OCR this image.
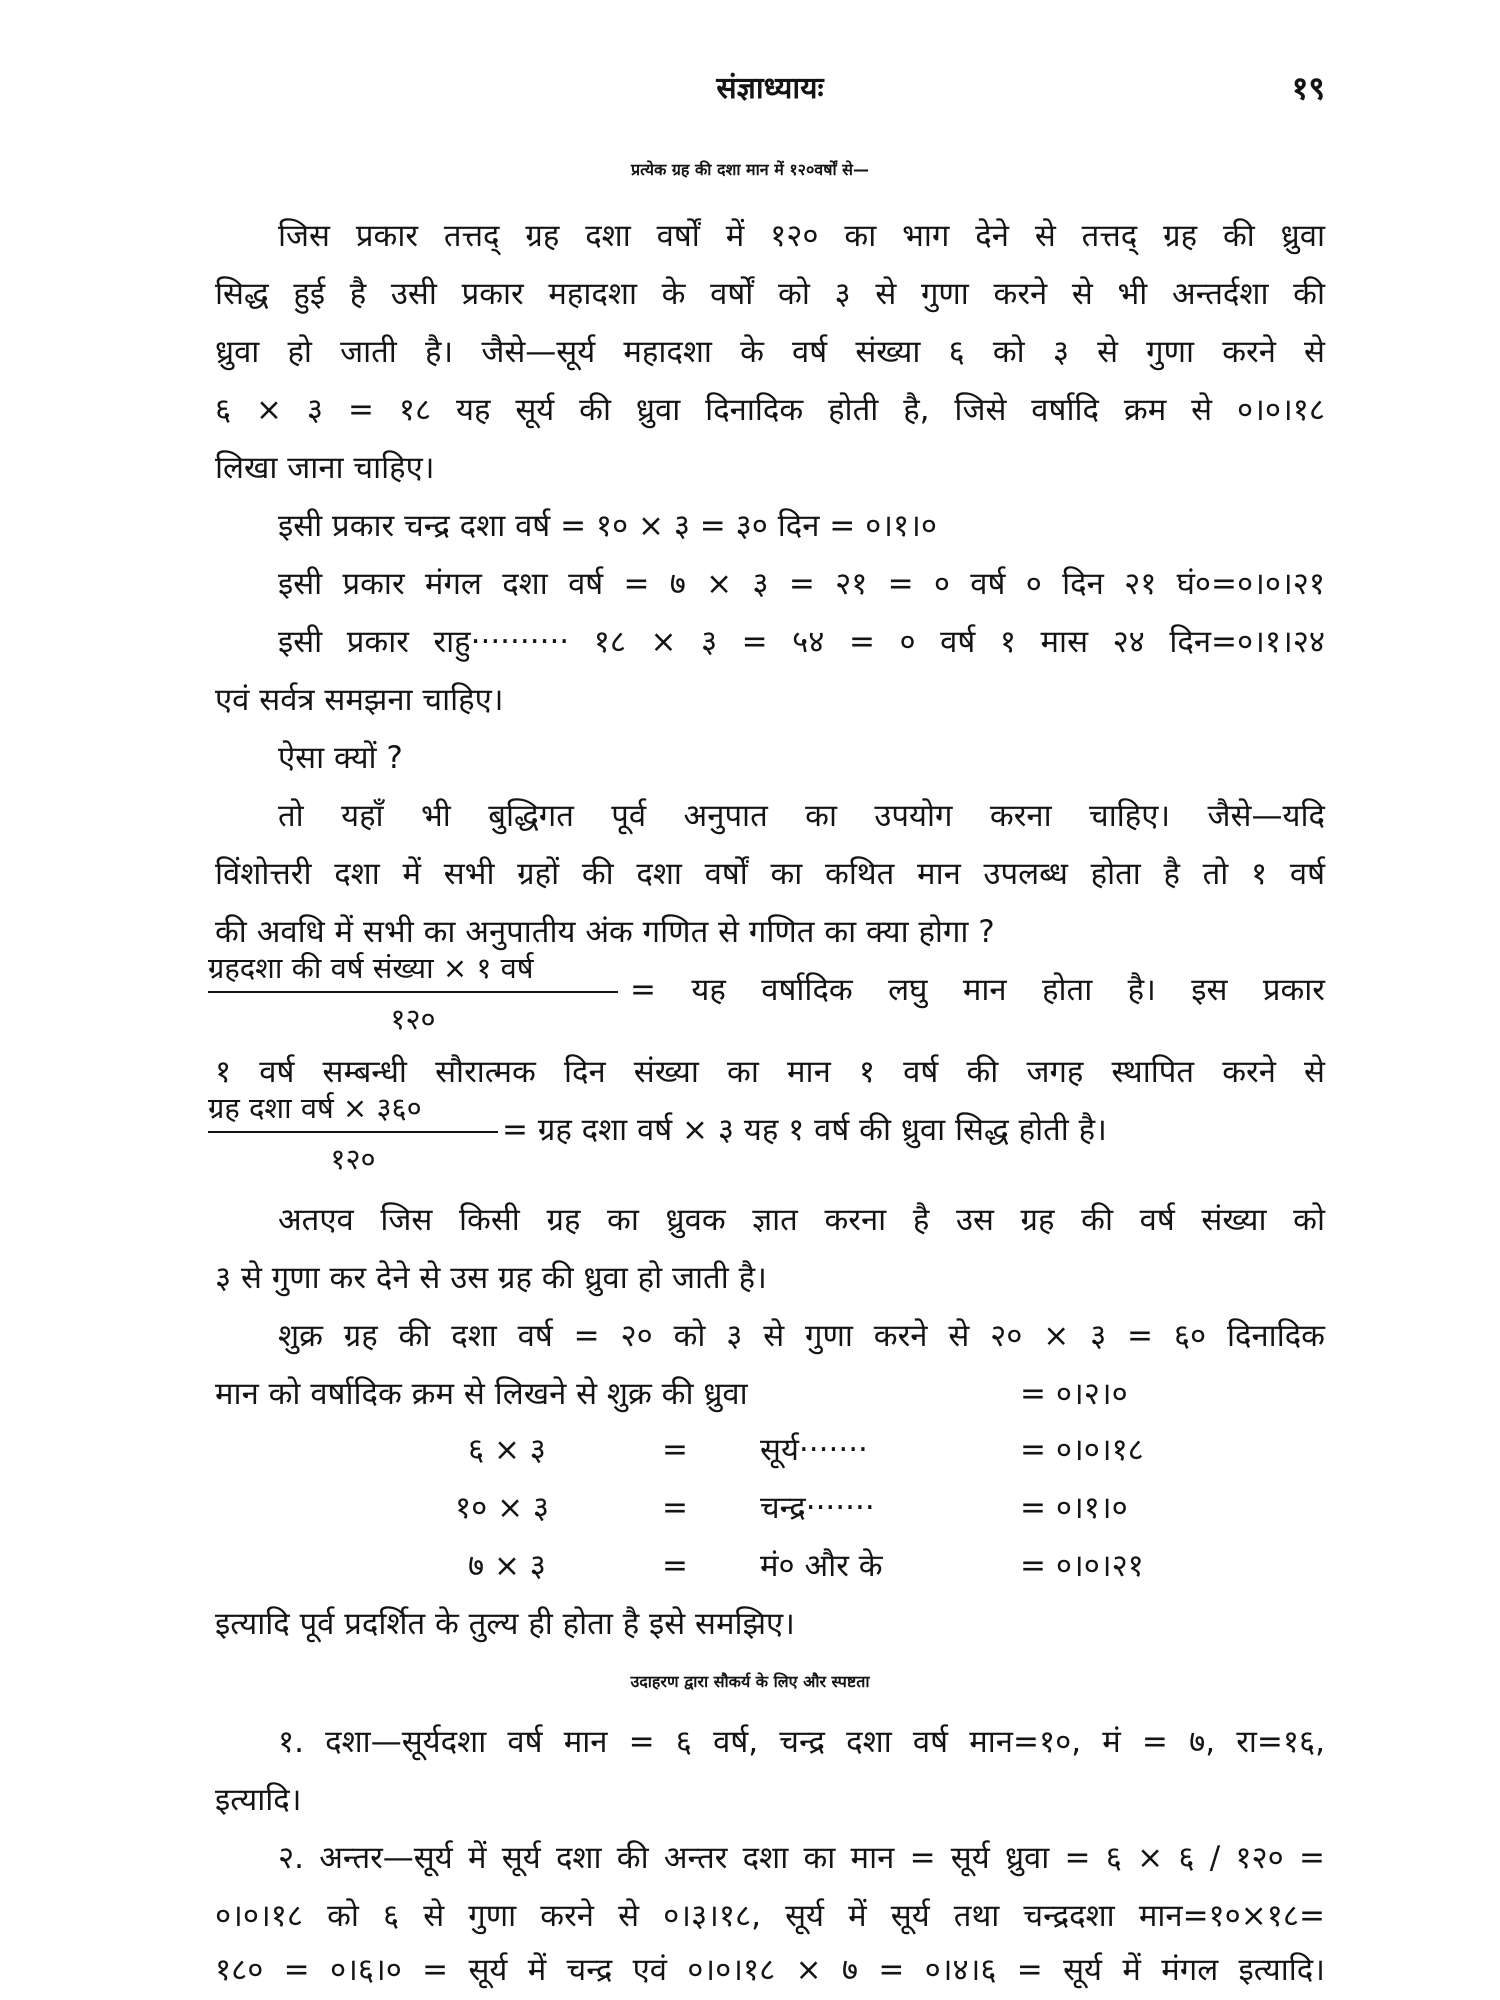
संज्ञाध्यायः	१९
प्रत्येक ग्रह की दशा मान में १२०वर्षों से—
जिस प्रकार तत्तद् ग्रह दशा वर्षों में १२० का भाग देने से तत्तद् ग्रह की ध्रुवा
सिद्ध हुई है उसी प्रकार महादशा के वर्षों को ३ से गुणा करने से भी अन्तर्दशा की
ध्रुवा हो जाती है। जैसे—सूर्य महादशा के वर्ष संख्या ६ को ३ से गुणा करने से
६ × ३ = १८ यह सूर्य की ध्रुवा दिनादिक होती है, जिसे वर्षादि क्रम से ०।०।१८
लिखा जाना चाहिए।
इसी प्रकार चन्द्र दशा वर्ष = १० × ३ = ३० दिन = ०।१।०
इसी प्रकार मंगल दशा वर्ष = ७ × ३ = २१ = ० वर्ष ० दिन २१ घं०=०।०।२१
इसी प्रकार राहु·········· १८ × ३ = ५४ = ० वर्ष १ मास २४ दिन=०।१।२४
एवं सर्वत्र समझना चाहिए।
ऐसा क्यों ?
तो यहाँ भी बुद्धिगत पूर्व अनुपात का उपयोग करना चाहिए। जैसे—यदि
विंशोत्तरी दशा में सभी ग्रहों की दशा वर्षों का कथित मान उपलब्ध होता है तो १ वर्ष
की अवधि में सभी का अनुपातीय अंक गणित से गणित का क्या होगा ?
ग्रहदशा की वर्ष संख्या × १ वर्ष
१२०
= यह वर्षादिक लघु मान होता है। इस प्रकार
१ वर्ष सम्बन्धी सौरात्मक दिन संख्या का मान १ वर्ष की जगह स्थापित करने से
ग्रह दशा वर्ष × ३६०
१२०
= ग्रह दशा वर्ष × ३ यह १ वर्ष की ध्रुवा सिद्ध होती है।
अतएव जिस किसी ग्रह का ध्रुवक ज्ञात करना है उस ग्रह की वर्ष संख्या को
३ से गुणा कर देने से उस ग्रह की ध्रुवा हो जाती है।
शुक्र ग्रह की दशा वर्ष = २० को ३ से गुणा करने से २० × ३ = ६० दिनादिक
मान को वर्षादिक क्रम से लिखने से शुक्र की ध्रुवा	= ०।२।०
६ × ३	= सूर्य·······	= ०।०।१८
१० × ३	= चन्द्र·······	= ०।१।०
७ × ३	= मं० और के	= ०।०।२१
इत्यादि पूर्व प्रदर्शित के तुल्य ही होता है इसे समझिए।
उदाहरण द्वारा सौकर्य के लिए और स्पष्टता
१. दशा—सूर्यदशा वर्ष मान = ६ वर्ष, चन्द्र दशा वर्ष मान=१०, मं = ७, रा=१६,
इत्यादि।
२. अन्तर—सूर्य में सूर्य दशा की अन्तर दशा का मान = सूर्य ध्रुवा = ६ × ६ / १२० =
०।०।१८ को ६ से गुणा करने से ०।३।१८, सूर्य में सूर्य तथा चन्द्रदशा मान=१०×१८=
१८० = ०।६।० = सूर्य में चन्द्र एवं ०।०।१८ × ७ = ०।४।६ = सूर्य में मंगल इत्यादि।
